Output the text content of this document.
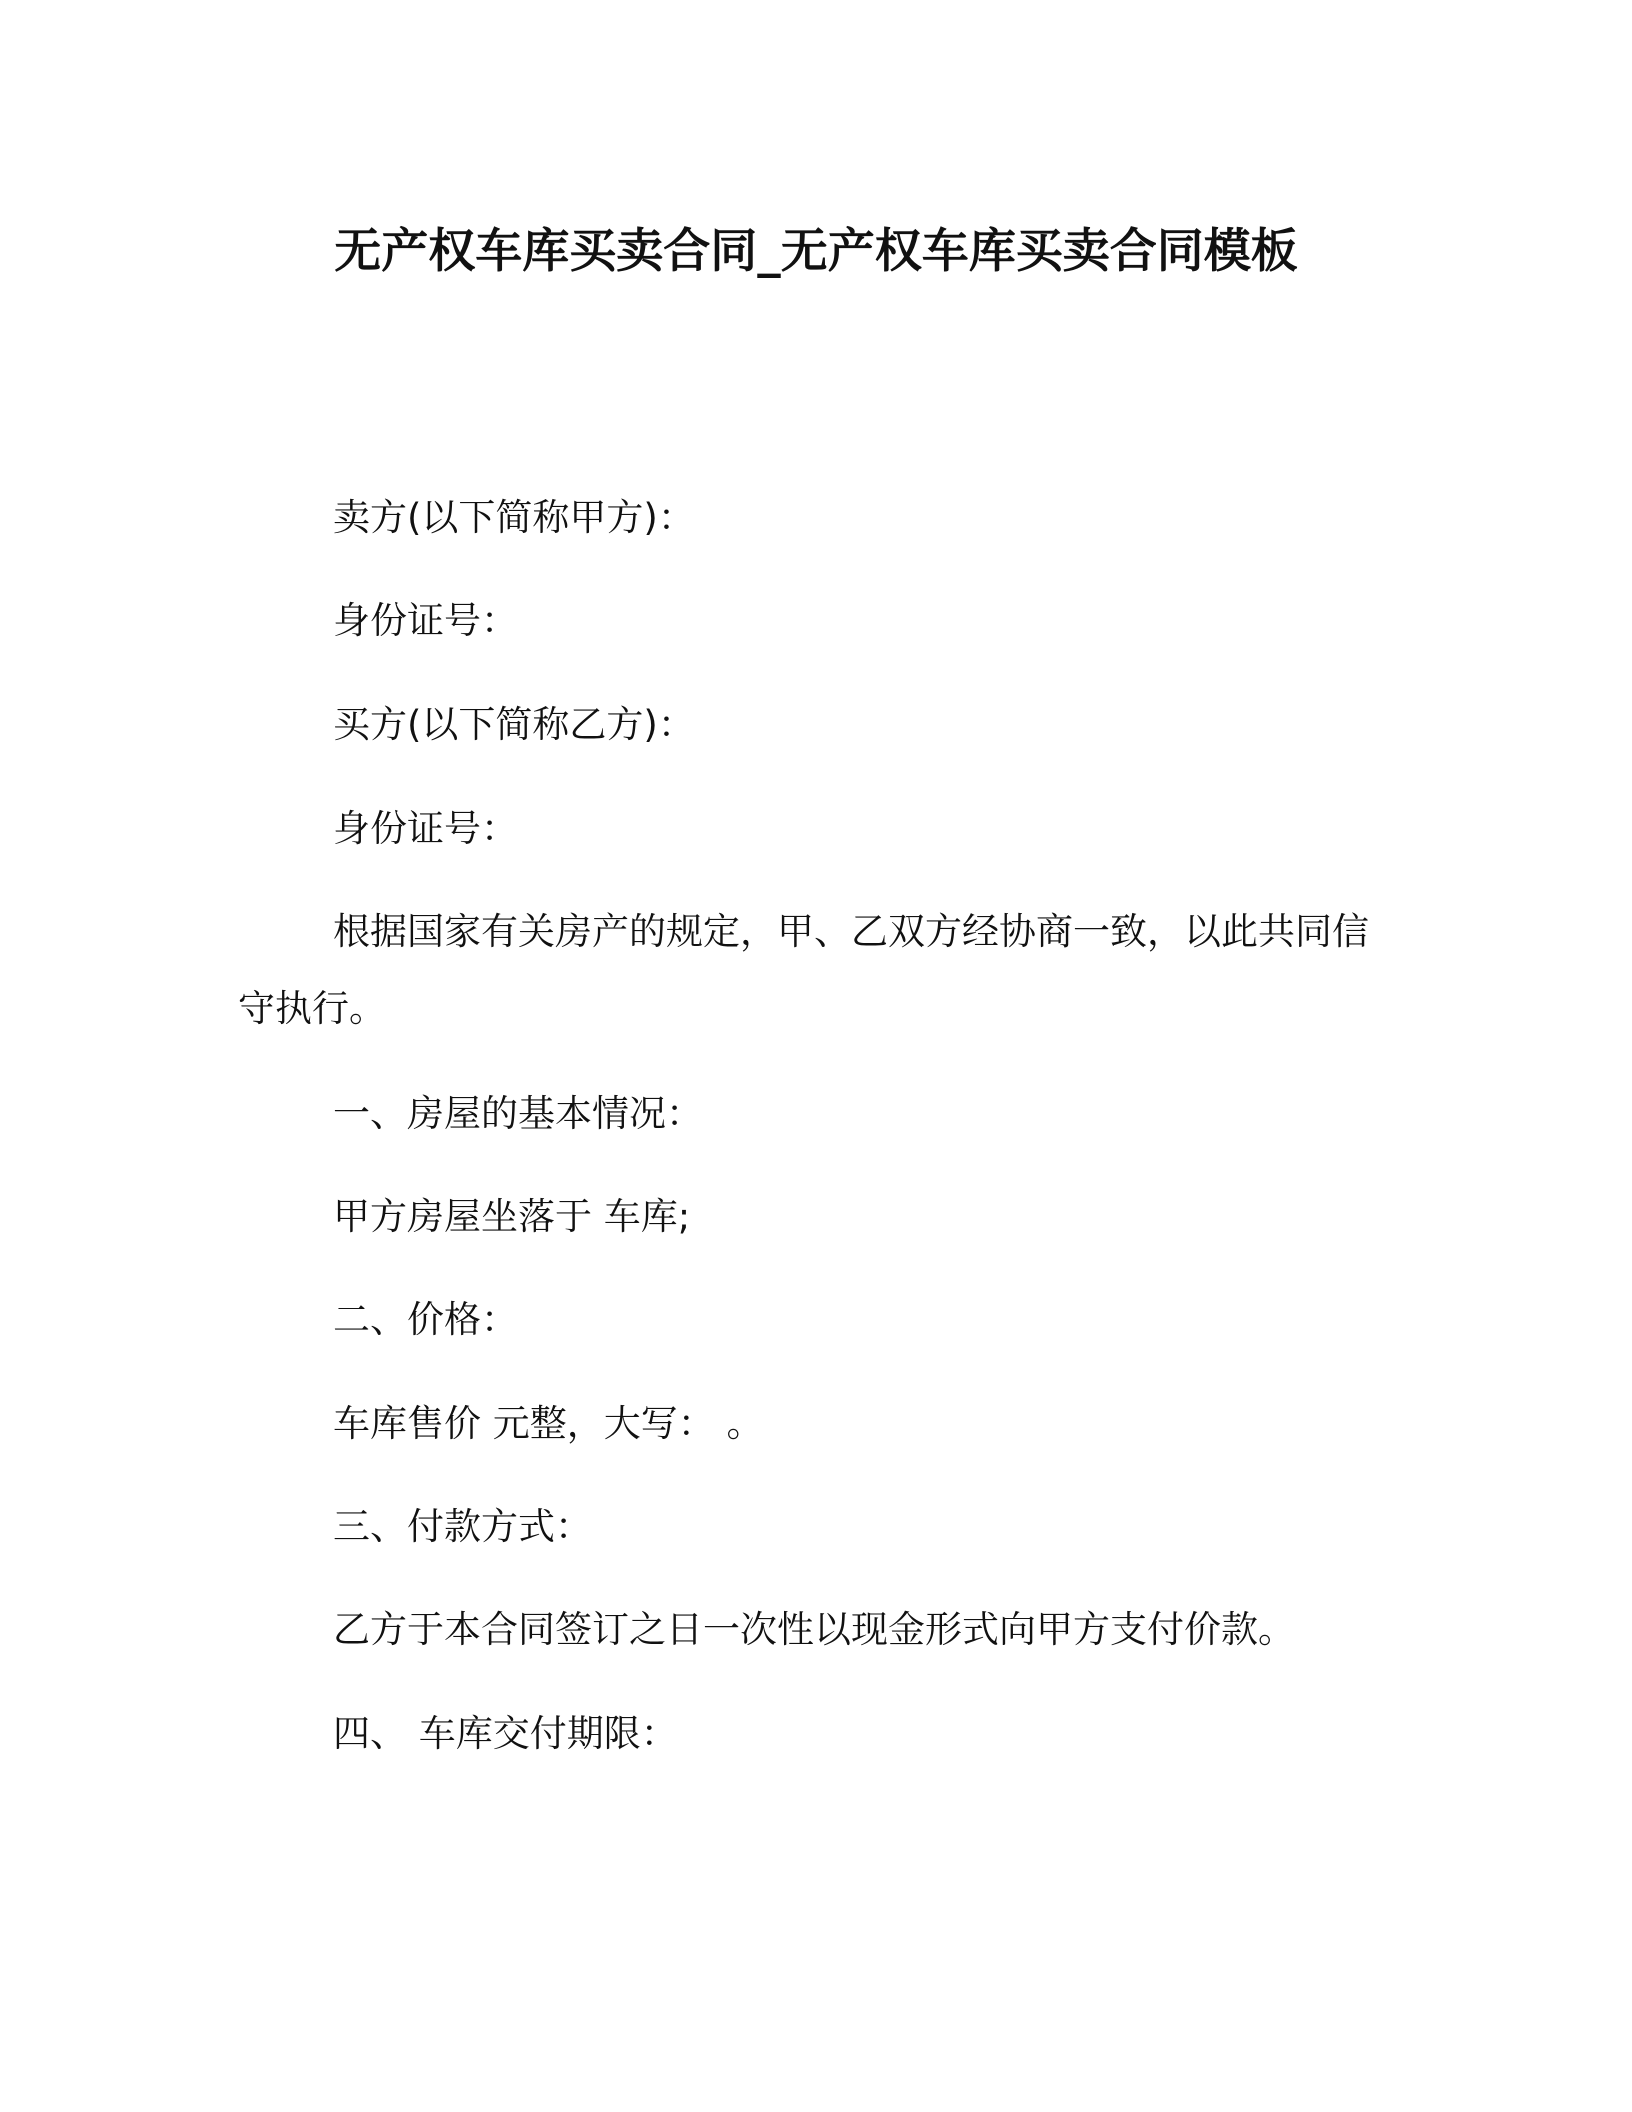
无产权车库买卖合同_无产权车库买卖合同模板
卖方(以下简称甲方)：
身份证号：
买方(以下简称乙方)：
身份证号：
根据国家有关房产的规定，甲、乙双方经协商一致，以此共同信
守执行。
一、房屋的基本情况：
甲方房屋坐落于 车库;
二、价格：
车库售价 元整，大写： 。
三、付款方式：
乙方于本合同签订之日一次性以现金形式向甲方支付价款。
四、 车库交付期限：
